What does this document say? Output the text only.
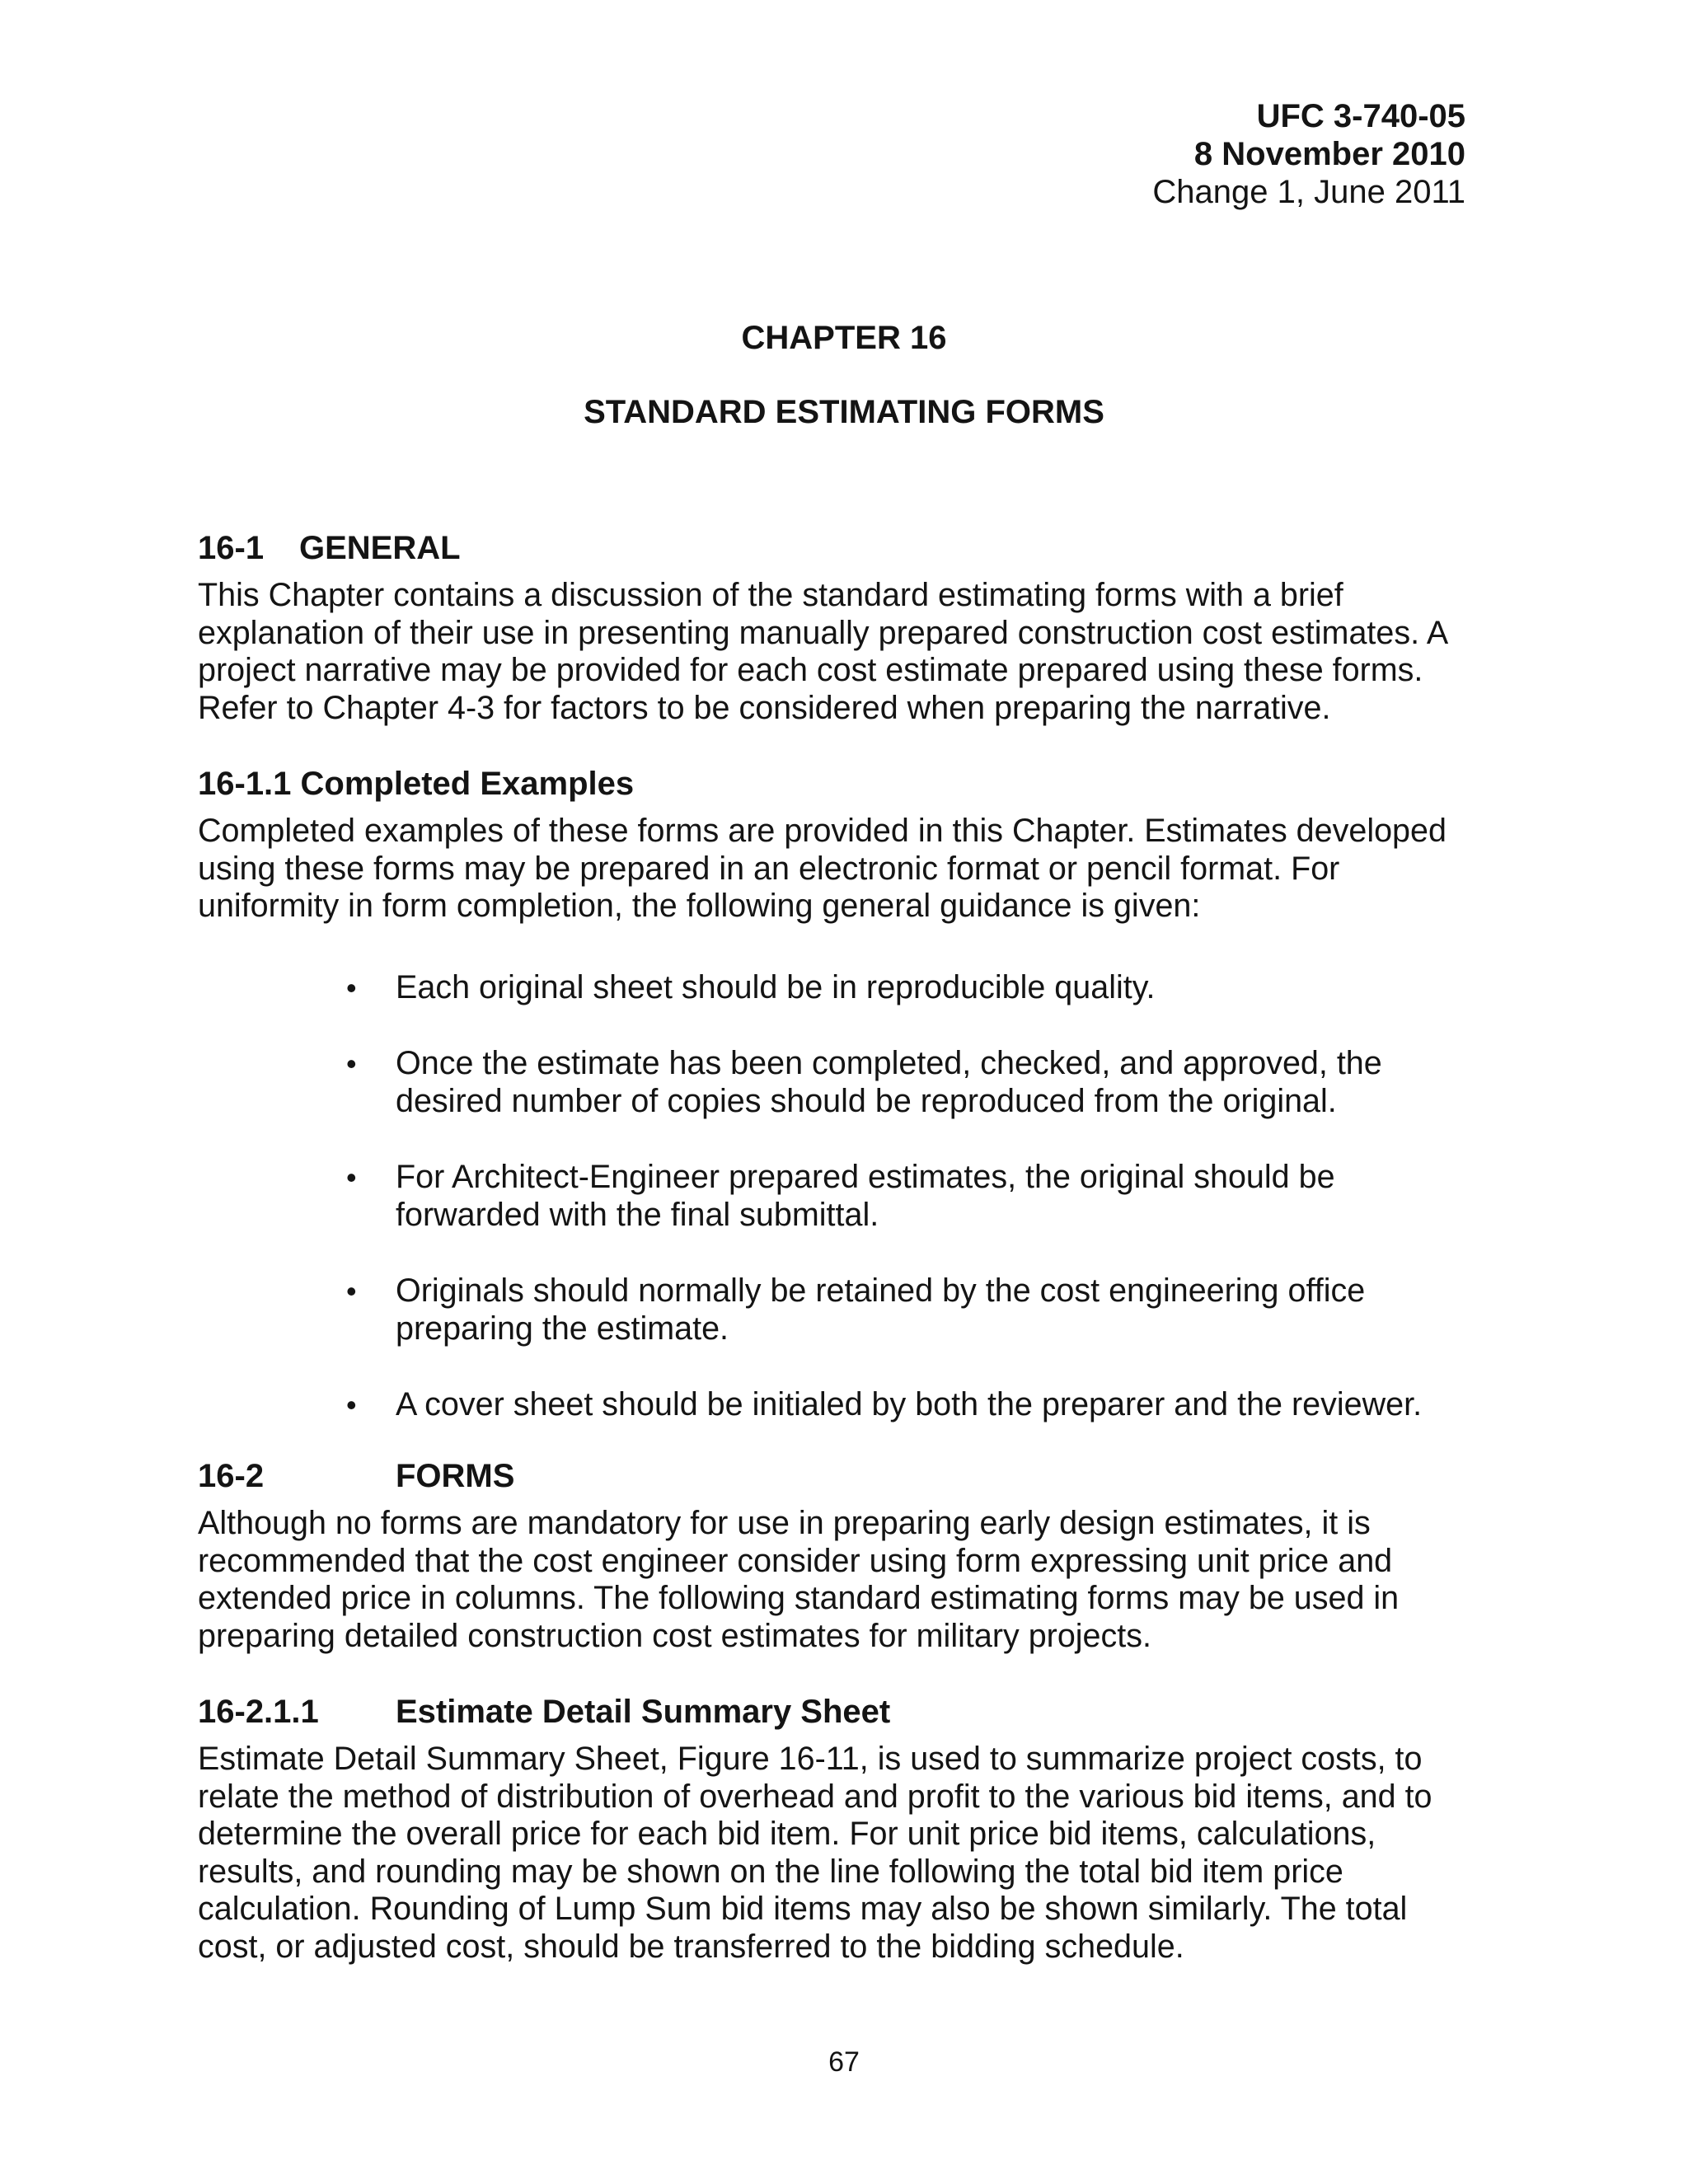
UFC 3-740-05
8 November 2010
Change 1, June 2011
CHAPTER 16
STANDARD ESTIMATING FORMS

16-1 GENERAL

This Chapter contains a discussion of the standard estimating forms with a brief explanation of their use in presenting manually prepared construction cost estimates. A project narrative may be provided for each cost estimate prepared using these forms. Refer to Chapter 4-3 for factors to be considered when preparing the narrative.

16-1.1 Completed Examples

Completed examples of these forms are provided in this Chapter. Estimates developed using these forms may be prepared in an electronic format or pencil format. For uniformity in form completion, the following general guidance is given:

• Each original sheet should be in reproducible quality.
• Once the estimate has been completed, checked, and approved, the desired number of copies should be reproduced from the original.
• For Architect-Engineer prepared estimates, the original should be forwarded with the final submittal.
• Originals should normally be retained by the cost engineering office preparing the estimate.
• A cover sheet should be initialed by both the preparer and the reviewer.

16-2	FORMS

Although no forms are mandatory for use in preparing early design estimates, it is recommended that the cost engineer consider using form expressing unit price and extended price in columns. The following standard estimating forms may be used in preparing detailed construction cost estimates for military projects.

16-2.1.1 Estimate Detail Summary Sheet

Estimate Detail Summary Sheet, Figure 16-11, is used to summarize project costs, to relate the method of distribution of overhead and profit to the various bid items, and to determine the overall price for each bid item. For unit price bid items, calculations, results, and rounding may be shown on the line following the total bid item price calculation. Rounding of Lump Sum bid items may also be shown similarly. The total cost, or adjusted cost, should be transferred to the bidding schedule.

67
